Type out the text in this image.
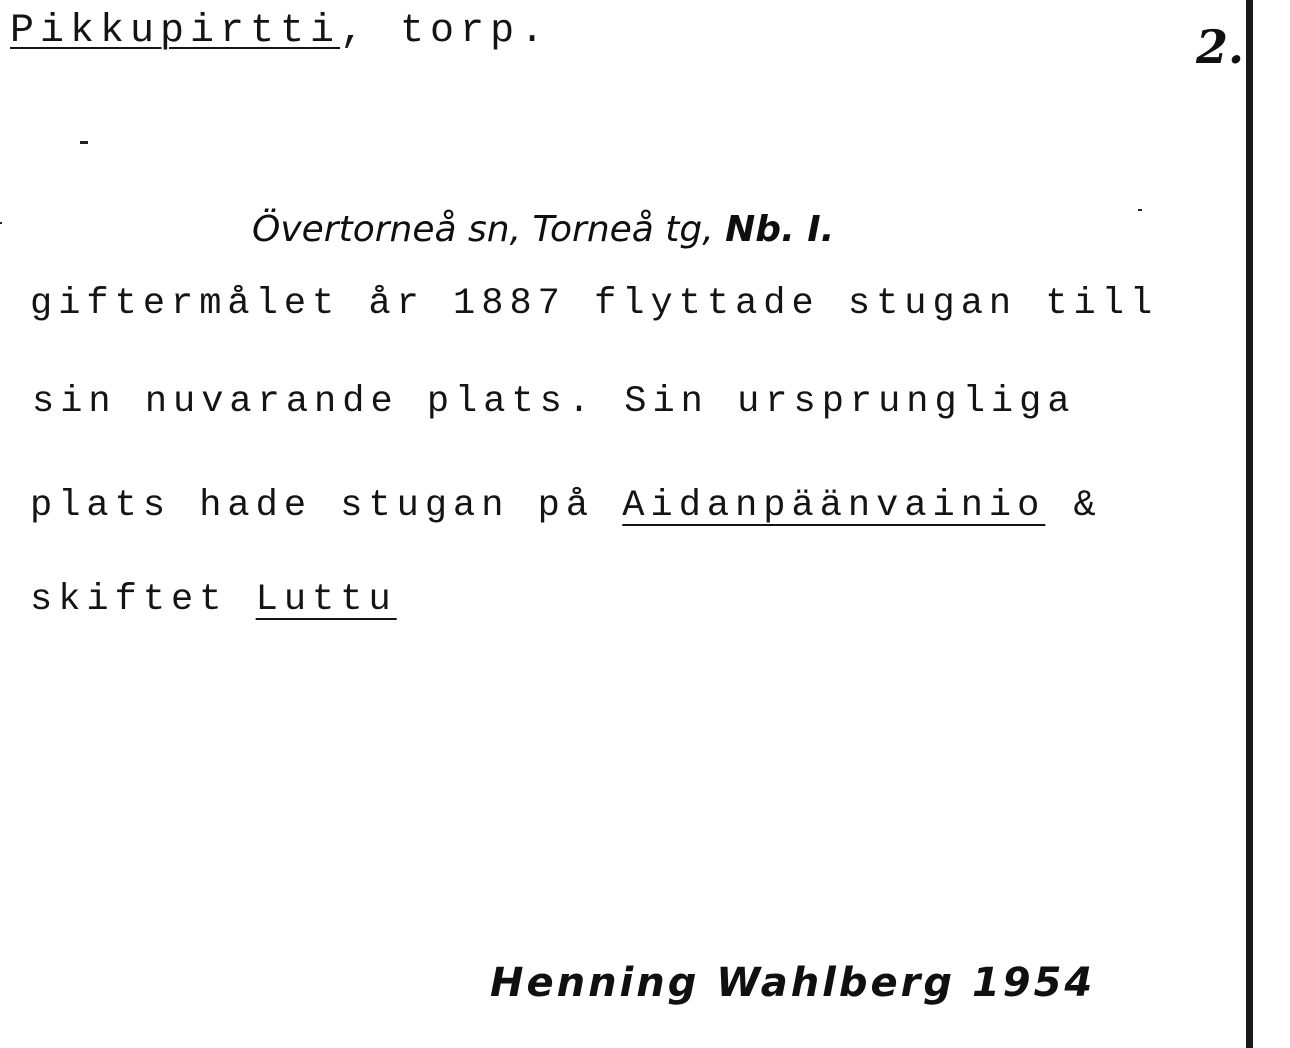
Pikkupirtti, torp.	2.
Övertorneå sn, Torneå tg, Nb. I.
giftermålet år 1887 flyttade stugan till
sin nuvarande plats. Sin ursprungliga
plats hade stugan på Aidanpäänvainio &
skiftet Luttu
Henning Wahlberg 1954
